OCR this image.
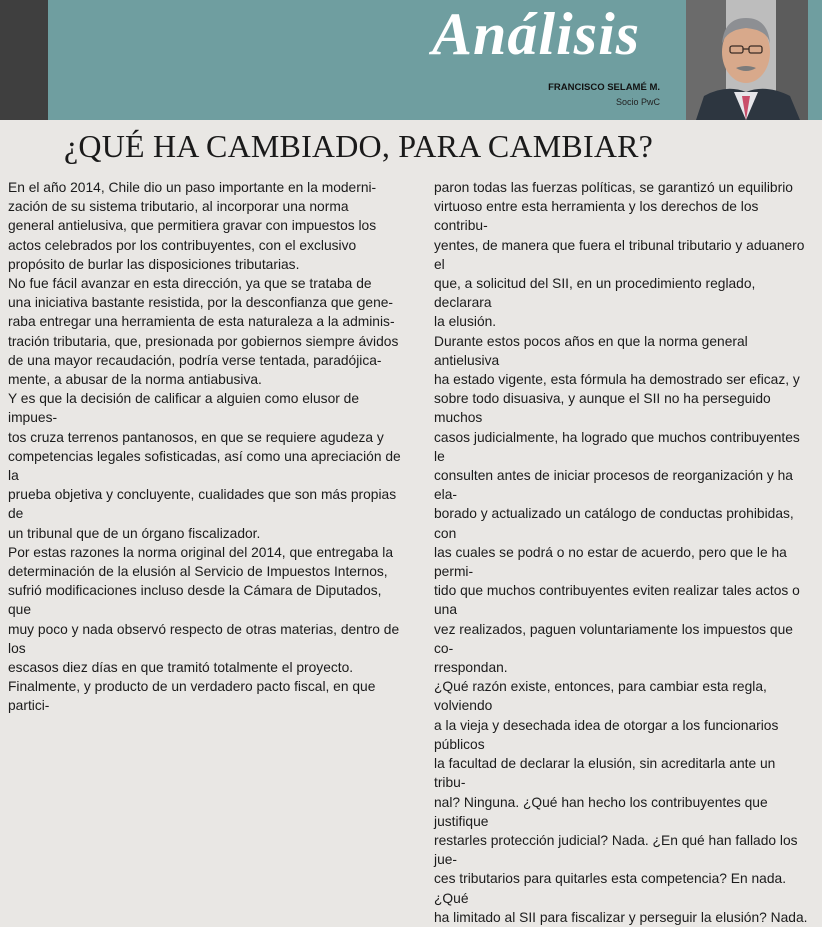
Análisis
FRANCISCO SELAMÉ M.
Socio PwC
¿QUÉ HA CAMBIADO, PARA CAMBIAR?

En el año 2014, Chile dio un paso importante en la moderni-
zación de su sistema tributario, al incorporar una norma
general antielusiva, que permitiera gravar con impuestos los
actos celebrados por los contribuyentes, con el exclusivo
propósito de burlar las disposiciones tributarias.

No fue fácil avanzar en esta dirección, ya que se trataba de
una iniciativa bastante resistida, por la desconfianza que gene-
raba entregar una herramienta de esta naturaleza a la adminis-
tración tributaria, que, presionada por gobiernos siempre ávidos
de una mayor recaudación, podría verse tentada, paradójica-
mente, a abusar de la norma antiabusiva.

Y es que la decisión de calificar a alguien como elusor de impues-
tos cruza terrenos pantanosos, en que se requiere agudeza y
competencias legales sofisticadas, así como una apreciación de la
prueba objetiva y concluyente, cualidades que son más propias de
un tribunal que de un órgano fiscalizador.

Por estas razones la norma original del 2014, que entregaba la
determinación de la elusión al Servicio de Impuestos Internos,
sufrió modificaciones incluso desde la Cámara de Diputados, que
muy poco y nada observó respecto de otras materias, dentro de los
escasos diez días en que tramitó totalmente el proyecto.

Finalmente, y producto de un verdadero pacto fiscal, en que partici-

paron todas las fuerzas políticas, se garantizó un equilibrio
virtuoso entre esta herramienta y los derechos de los contribu-
yentes, de manera que fuera el tribunal tributario y aduanero el
que, a solicitud del SII, en un procedimiento reglado, declarara
la elusión.

Durante estos pocos años en que la norma general antielusiva
ha estado vigente, esta fórmula ha demostrado ser eficaz, y
sobre todo disuasiva, y aunque el SII no ha perseguido muchos
casos judicialmente, ha logrado que muchos contribuyentes le
consulten antes de iniciar procesos de reorganización y ha ela-
borado y actualizado un catálogo de conductas prohibidas, con
las cuales se podrá o no estar de acuerdo, pero que le ha permi-
tido que muchos contribuyentes eviten realizar tales actos o una
vez realizados, paguen voluntariamente los impuestos que co-
rrespondan.

¿Qué razón existe, entonces, para cambiar esta regla, volviendo
a la vieja y desechada idea de otorgar a los funcionarios públicos
la facultad de declarar la elusión, sin acreditarla ante un tribu-
nal? Ninguna. ¿Qué han hecho los contribuyentes que justifique
restarles protección judicial? Nada. ¿En qué han fallado los jue-
ces tributarios para quitarles esta competencia? En nada. ¿Qué
ha limitado al SII para fiscalizar y perseguir la elusión? Nada.
